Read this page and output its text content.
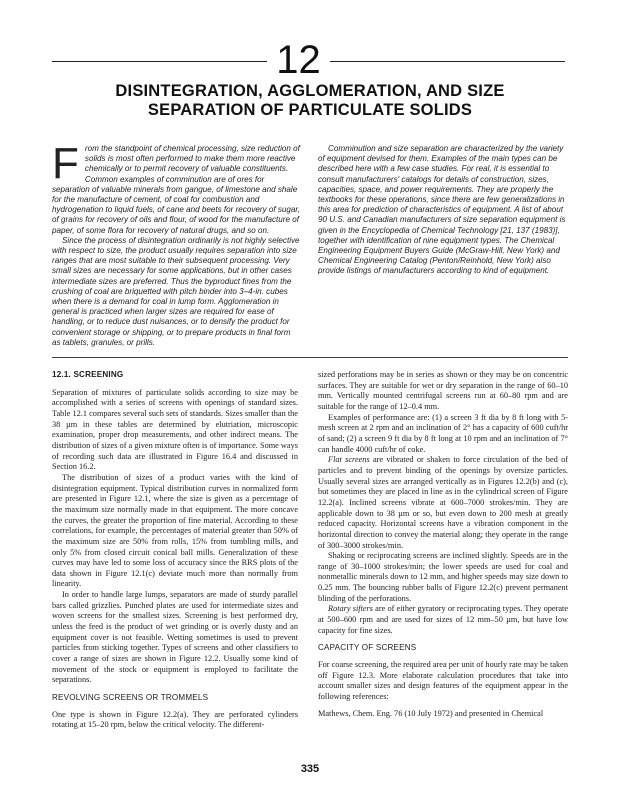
12
DISINTEGRATION, AGGLOMERATION, AND SIZE
SEPARATION OF PARTICULATE SOLIDS

From the standpoint of chemical processing, size reduction of solids is most often performed to make them more reactive chemically or to permit recovery of valuable constituents. Common examples of comminution are of ores for separation of valuable minerals from gangue, of limestone and shale for the manufacture of cement, of coal for combustion and hydrogenation to liquid fuels, of cane and beets for recovery of sugar, of grains for recovery of oils and flour, of wood for the manufacture of paper, of some flora for recovery of natural drugs, and so on.

Since the process of disintegration ordinarily is not highly selective with respect to size, the product usually requires separation into size ranges that are most suitable to their subsequent processing. Very small sizes are necessary for some applications, but in other cases intermediate sizes are preferred. Thus the byproduct fines from the crushing of coal are briquetted with pitch binder into 3–4-in. cubes when there is a demand for coal in lump form. Agglomeration in general is practiced when larger sizes are required for ease of handling, or to reduce dust nuisances, or to densify the product for convenient storage or shipping, or to prepare products in final form as tablets, granules, or prills.

Comminution and size separation are characterized by the variety of equipment devised for them. Examples of the main types can be described here with a few case studies. For real, it is essential to consult manufacturers' catalogs for details of construction, sizes, capacities, space, and power requirements. They are properly the textbooks for these operations, since there are few generalizations in this area for prediction of characteristics of equipment. A list of about 90 U.S. and Canadian manufacturers of size separation equipment is given in the Encyclopedia of Chemical Technology [21, 137 (1983)], together with identification of nine equipment types. The Chemical Engineering Equipment Buyers Guide (McGraw-Hill, New York) and Chemical Engineering Catalog (Penton/Reinhold, New York) also provide listings of manufacturers according to kind of equipment.

12.1. SCREENING

Separation of mixtures of particulate solids according to size may be accomplished with a series of screens with openings of standard sizes. Table 12.1 compares several such sets of standards. Sizes smaller than the 38 µm in these tables are determined by elutriation, microscopic examination, proper drop measurements, and other indirect means. The distribution of sizes of a given mixture often is of importance. Some ways of recording such data are illustrated in Figure 16.4 and discussed in Section 16.2.

The distribution of sizes of a product varies with the kind of disintegration equipment. Typical distribution curves in normalized form are presented in Figure 12.1, where the size is given as a percentage of the maximum size normally made in that equipment. The more concave the curves, the greater the proportion of fine material. According to these correlations, for example, the percentages of material greater than 50% of the maximum size are 50% from rolls, 15% from tumbling mills, and only 5% from closed circuit conical ball mills. Generalization of these curves may have led to some loss of accuracy since the RRS plots of the data shown in Figure 12.1(c) deviate much more than normally from linearity.

In order to handle large lumps, separators are made of sturdy parallel bars called grizzlies. Punched plates are used for intermediate sizes and woven screens for the smallest sizes. Screening is best performed dry, unless the feed is the product of wet grinding or is overly dusty and an equipment cover is not feasible. Wetting sometimes is used to prevent particles from sticking together. Types of screens and other classifiers to cover a range of sizes are shown in Figure 12.2. Usually some kind of movement of the stock or equipment is employed to facilitate the separations.

REVOLVING SCREENS OR TROMMELS

One type is shown in Figure 12.2(a). They are perforated cylinders rotating at 15–20 rpm, below the critical velocity. The different-

sized perforations may be in series as shown or they may be on concentric surfaces. They are suitable for wet or dry separation in the range of 60–10 mm. Vertically mounted centrifugal screens run at 60–80 rpm and are suitable for the range of 12–0.4 mm.

Examples of performance are: (1) a screen 3 ft dia by 8 ft long with 5-mesh screen at 2 rpm and an inclination of 2° has a capacity of 600 cuft/hr of sand; (2) a screen 9 ft dia by 8 ft long at 10 rpm and an inclination of 7° can handle 4000 cuft/hr of coke.

Flat screens are vibrated or shaken to force circulation of the bed of particles and to prevent binding of the openings by oversize particles. Usually several sizes are arranged vertically as in Figures 12.2(b) and (c), but sometimes they are placed in line as in the cylindrical screen of Figure 12.2(a). Inclined screens vibrate at 600–7000 strokes/min. They are applicable down to 38 µm or so, but even down to 200 mesh at greatly reduced capacity. Horizontal screens have a vibration component in the horizontal direction to convey the material along; they operate in the range of 300–3000 strokes/min.

Shaking or reciprocating screens are inclined slightly. Speeds are in the range of 30–1000 strokes/min; the lower speeds are used for coal and nonmetallic minerals down to 12 mm, and higher speeds may size down to 0.25 mm. The bouncing rubber balls of Figure 12.2(c) prevent permanent blinding of the perforations.

Rotary sifters are of either gyratory or reciprocating types. They operate at 500–600 rpm and are used for sizes of 12 mm–50 µm, but have low capacity for fine sizes.

CAPACITY OF SCREENS

For coarse screening, the required area per unit of hourly rate may be taken off Figure 12.3. More elaborate calculation procedures that take into account smaller sizes and design features of the equipment appear in the following references:

Mathews, Chem. Eng. 76 (10 July 1972) and presented in Chemical

335
